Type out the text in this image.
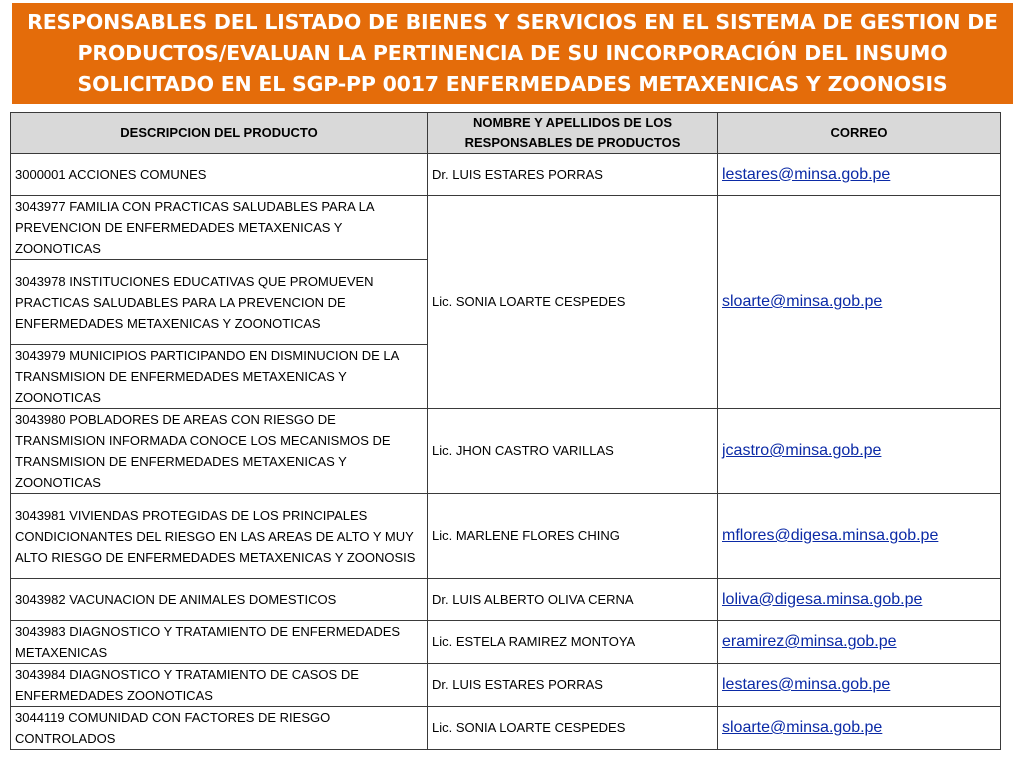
RESPONSABLES DEL LISTADO DE BIENES Y SERVICIOS EN EL SISTEMA DE GESTION DE PRODUCTOS/EVALUAN LA PERTINENCIA DE SU INCORPORACIÓN DEL INSUMO SOLICITADO EN EL SGP-PP 0017 ENFERMEDADES METAXENICAS Y ZOONOSIS
DESCRIPCION DEL PRODUCTO	NOMBRE Y APELLIDOS DE LOS RESPONSABLES DE PRODUCTOS	CORREO
3000001 ACCIONES COMUNES	Dr. LUIS ESTARES PORRAS	lestares@minsa.gob.pe
3043977 FAMILIA CON PRACTICAS SALUDABLES PARA LA PREVENCION DE ENFERMEDADES METAXENICAS Y ZOONOTICAS	Lic. SONIA LOARTE CESPEDES	sloarte@minsa.gob.pe
3043978 INSTITUCIONES EDUCATIVAS QUE PROMUEVEN PRACTICAS SALUDABLES PARA LA PREVENCION DE ENFERMEDADES METAXENICAS Y ZOONOTICAS		
3043979 MUNICIPIOS PARTICIPANDO EN DISMINUCION DE LA TRANSMISION DE ENFERMEDADES METAXENICAS Y ZOONOTICAS		
3043980 POBLADORES DE AREAS CON RIESGO DE TRANSMISION INFORMADA CONOCE LOS MECANISMOS DE TRANSMISION DE ENFERMEDADES METAXENICAS Y ZOONOTICAS	Lic. JHON CASTRO VARILLAS	jcastro@minsa.gob.pe
3043981 VIVIENDAS PROTEGIDAS DE LOS PRINCIPALES CONDICIONANTES DEL RIESGO EN LAS AREAS DE ALTO Y MUY ALTO RIESGO DE ENFERMEDADES METAXENICAS Y ZOONOSIS	Lic. MARLENE FLORES CHING	mflores@digesa.minsa.gob.pe
3043982 VACUNACION DE ANIMALES DOMESTICOS	Dr. LUIS ALBERTO OLIVA CERNA	loliva@digesa.minsa.gob.pe
3043983 DIAGNOSTICO Y TRATAMIENTO DE ENFERMEDADES METAXENICAS	Lic. ESTELA RAMIREZ MONTOYA	eramirez@minsa.gob.pe
3043984 DIAGNOSTICO Y TRATAMIENTO DE CASOS DE ENFERMEDADES ZOONOTICAS	Dr. LUIS ESTARES PORRAS	lestares@minsa.gob.pe
3044119 COMUNIDAD CON FACTORES DE RIESGO CONTROLADOS	Lic. SONIA LOARTE CESPEDES	sloarte@minsa.gob.pe
